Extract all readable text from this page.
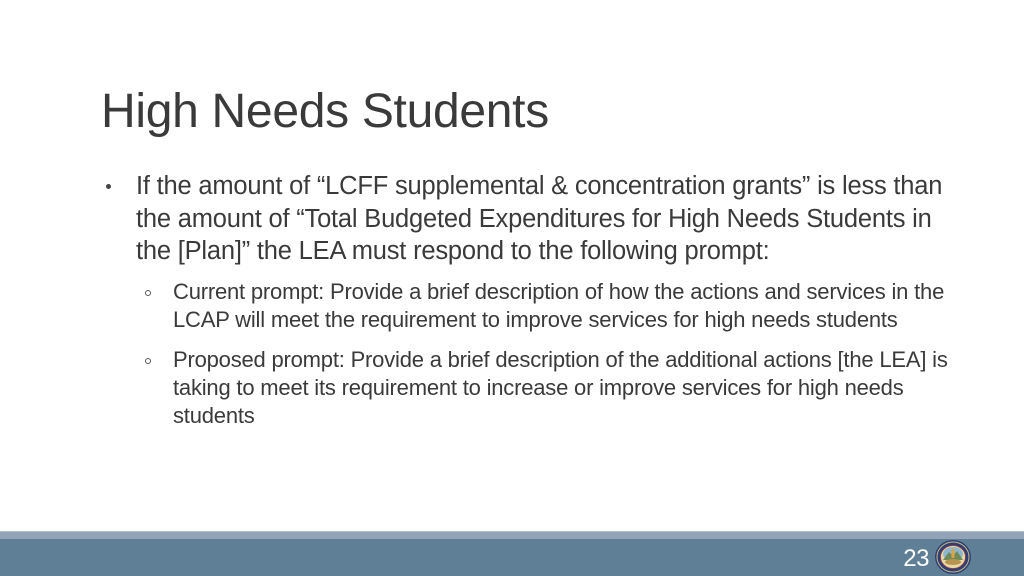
High Needs Students
If the amount of “LCFF supplemental & concentration grants” is less than the amount of “Total Budgeted Expenditures for High Needs Students in the [Plan]” the LEA must respond to the following prompt:
Current prompt: Provide a brief description of how the actions and services in the LCAP will meet the requirement to improve services for high needs students
Proposed prompt: Provide a brief description of the additional actions [the LEA] is taking to meet its requirement to increase or improve services for high needs students
23
